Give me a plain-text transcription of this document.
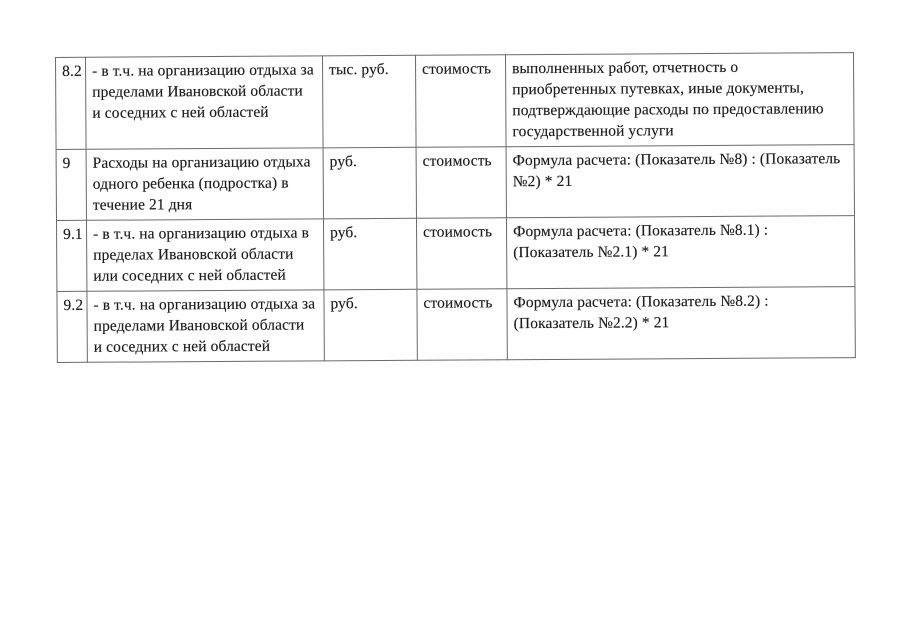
8.2	- в т.ч. на организацию отдыха за пределами Ивановской области и соседних с ней областей	тыс. руб.	стоимость	выполненных работ, отчетность о приобретенных путевках, иные документы, подтверждающие расходы по предоставлению государственной услуги
9	Расходы на организацию отдыха одного ребенка (подростка) в течение 21 дня	руб.	стоимость	Формула расчета: (Показатель №8) : (Показатель №2) * 21
9.1	- в т.ч. на организацию отдыха в пределах Ивановской области или соседних с ней областей	руб.	стоимость	Формула расчета: (Показатель №8.1) : (Показатель №2.1) * 21
9.2	- в т.ч. на организацию отдыха за пределами Ивановской области и соседних с ней областей	руб.	стоимость	Формула расчета: (Показатель №8.2) : (Показатель №2.2) * 21
